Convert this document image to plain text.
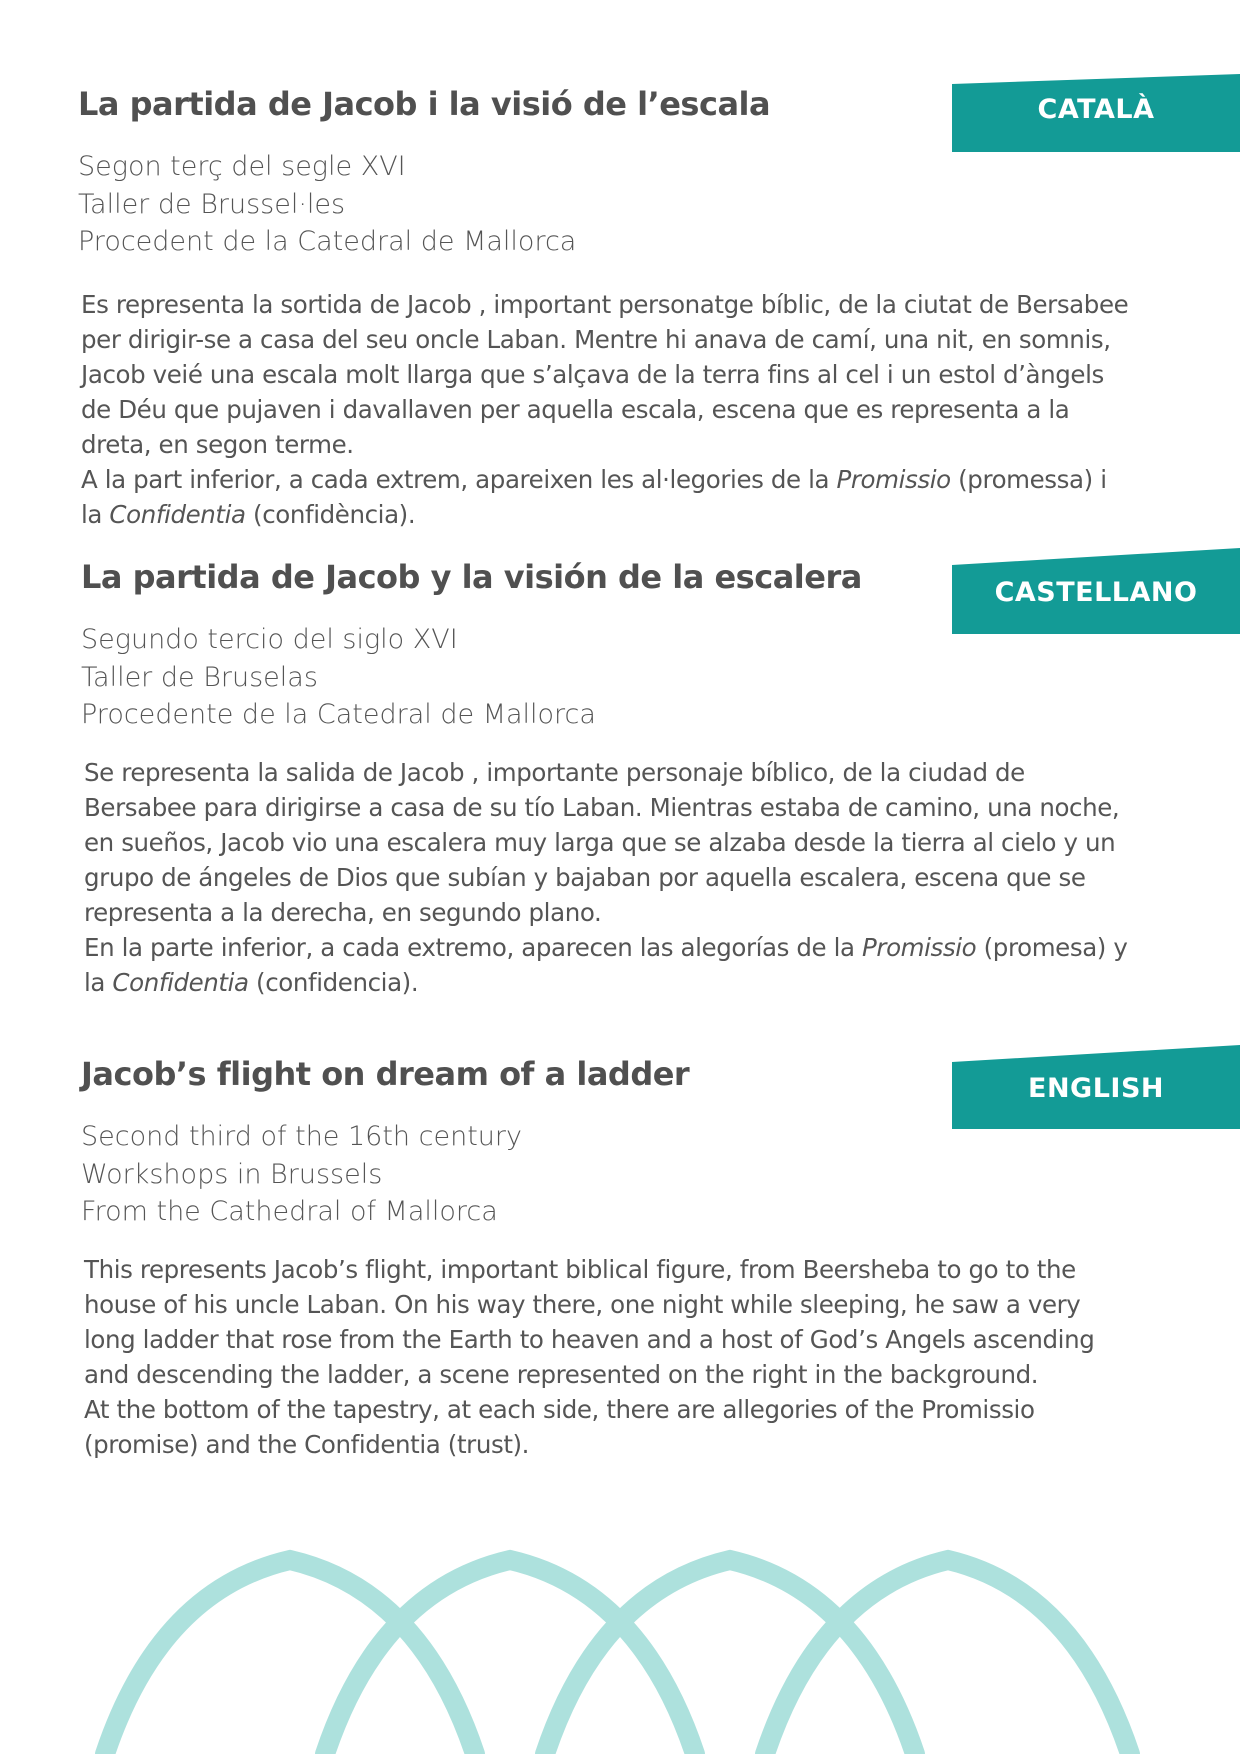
CATALÀ
La partida de Jacob i la visió de l’escala
Segon terç del segle XVI
Taller de Brussel·les
Procedent de la Catedral de Mallorca

Es representa la sortida de Jacob , important personatge bíblic, de la ciutat de Bersabee per dirigir-se a casa del seu oncle Laban. Mentre hi anava de camí, una nit, en somnis, Jacob veié una escala molt llarga que s’alçava de la terra fins al cel i un estol d’àngels de Déu que pujaven i davallaven per aquella escala, escena que es representa a la dreta, en segon terme.

A la part inferior, a cada extrem, apareixen les al·legories de la Promissio (promessa) i la Confidentia (confidència).

CASTELLANO
La partida de Jacob y la visión de la escalera
Segundo tercio del siglo XVI
Taller de Bruselas
Procedente de la Catedral de Mallorca

Se representa la salida de Jacob , importante personaje bíblico, de la ciudad de Bersabee para dirigirse a casa de su tío Laban. Mientras estaba de camino, una noche, en sueños, Jacob vio una escalera muy larga que se alzaba desde la tierra al cielo y un grupo de ángeles de Dios que subían y bajaban por aquella escalera, escena que se representa a la derecha, en segundo plano.

En la parte inferior, a cada extremo, aparecen las alegorías de la Promissio (promesa) y la Confidentia (confidencia).

ENGLISH
Jacob’s flight on dream of a ladder
Second third of the 16th century
Workshops in Brussels
From the Cathedral of Mallorca

This represents Jacob’s flight, important biblical figure, from Beersheba to go to the house of his uncle Laban. On his way there, one night while sleeping, he saw a very long ladder that rose from the Earth to heaven and a host of God’s Angels ascending and descending the ladder, a scene represented on the right in the background.

At the bottom of the tapestry, at each side, there are allegories of the Promissio (promise) and the Confidentia (trust).
